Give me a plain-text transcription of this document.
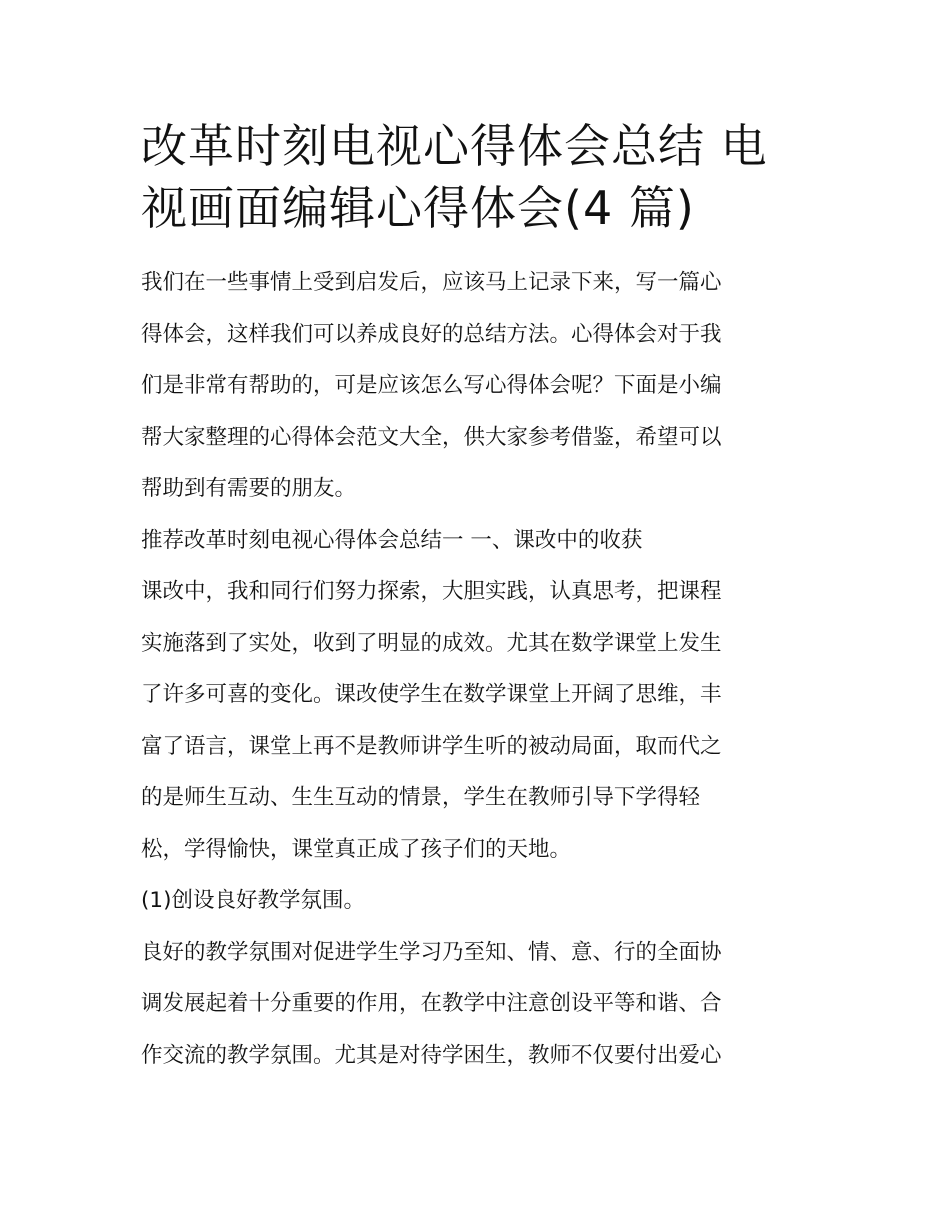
改革时刻电视心得体会总结 电
视画面编辑心得体会(4 篇)
我们在一些事情上受到启发后，应该马上记录下来，写一篇心
得体会，这样我们可以养成良好的总结方法。心得体会对于我
们是非常有帮助的，可是应该怎么写心得体会呢？下面是小编
帮大家整理的心得体会范文大全，供大家参考借鉴，希望可以
帮助到有需要的朋友。
推荐改革时刻电视心得体会总结一 一、课改中的收获
课改中，我和同行们努力探索，大胆实践，认真思考，把课程
实施落到了实处，收到了明显的成效。尤其在数学课堂上发生
了许多可喜的变化。课改使学生在数学课堂上开阔了思维，丰
富了语言，课堂上再不是教师讲学生听的被动局面，取而代之
的是师生互动、生生互动的情景，学生在教师引导下学得轻
松，学得愉快，课堂真正成了孩子们的天地。
(1)创设良好教学氛围。
良好的教学氛围对促进学生学习乃至知、情、意、行的全面协
调发展起着十分重要的作用，在教学中注意创设平等和谐、合
作交流的教学氛围。尤其是对待学困生，教师不仅要付出爱心
